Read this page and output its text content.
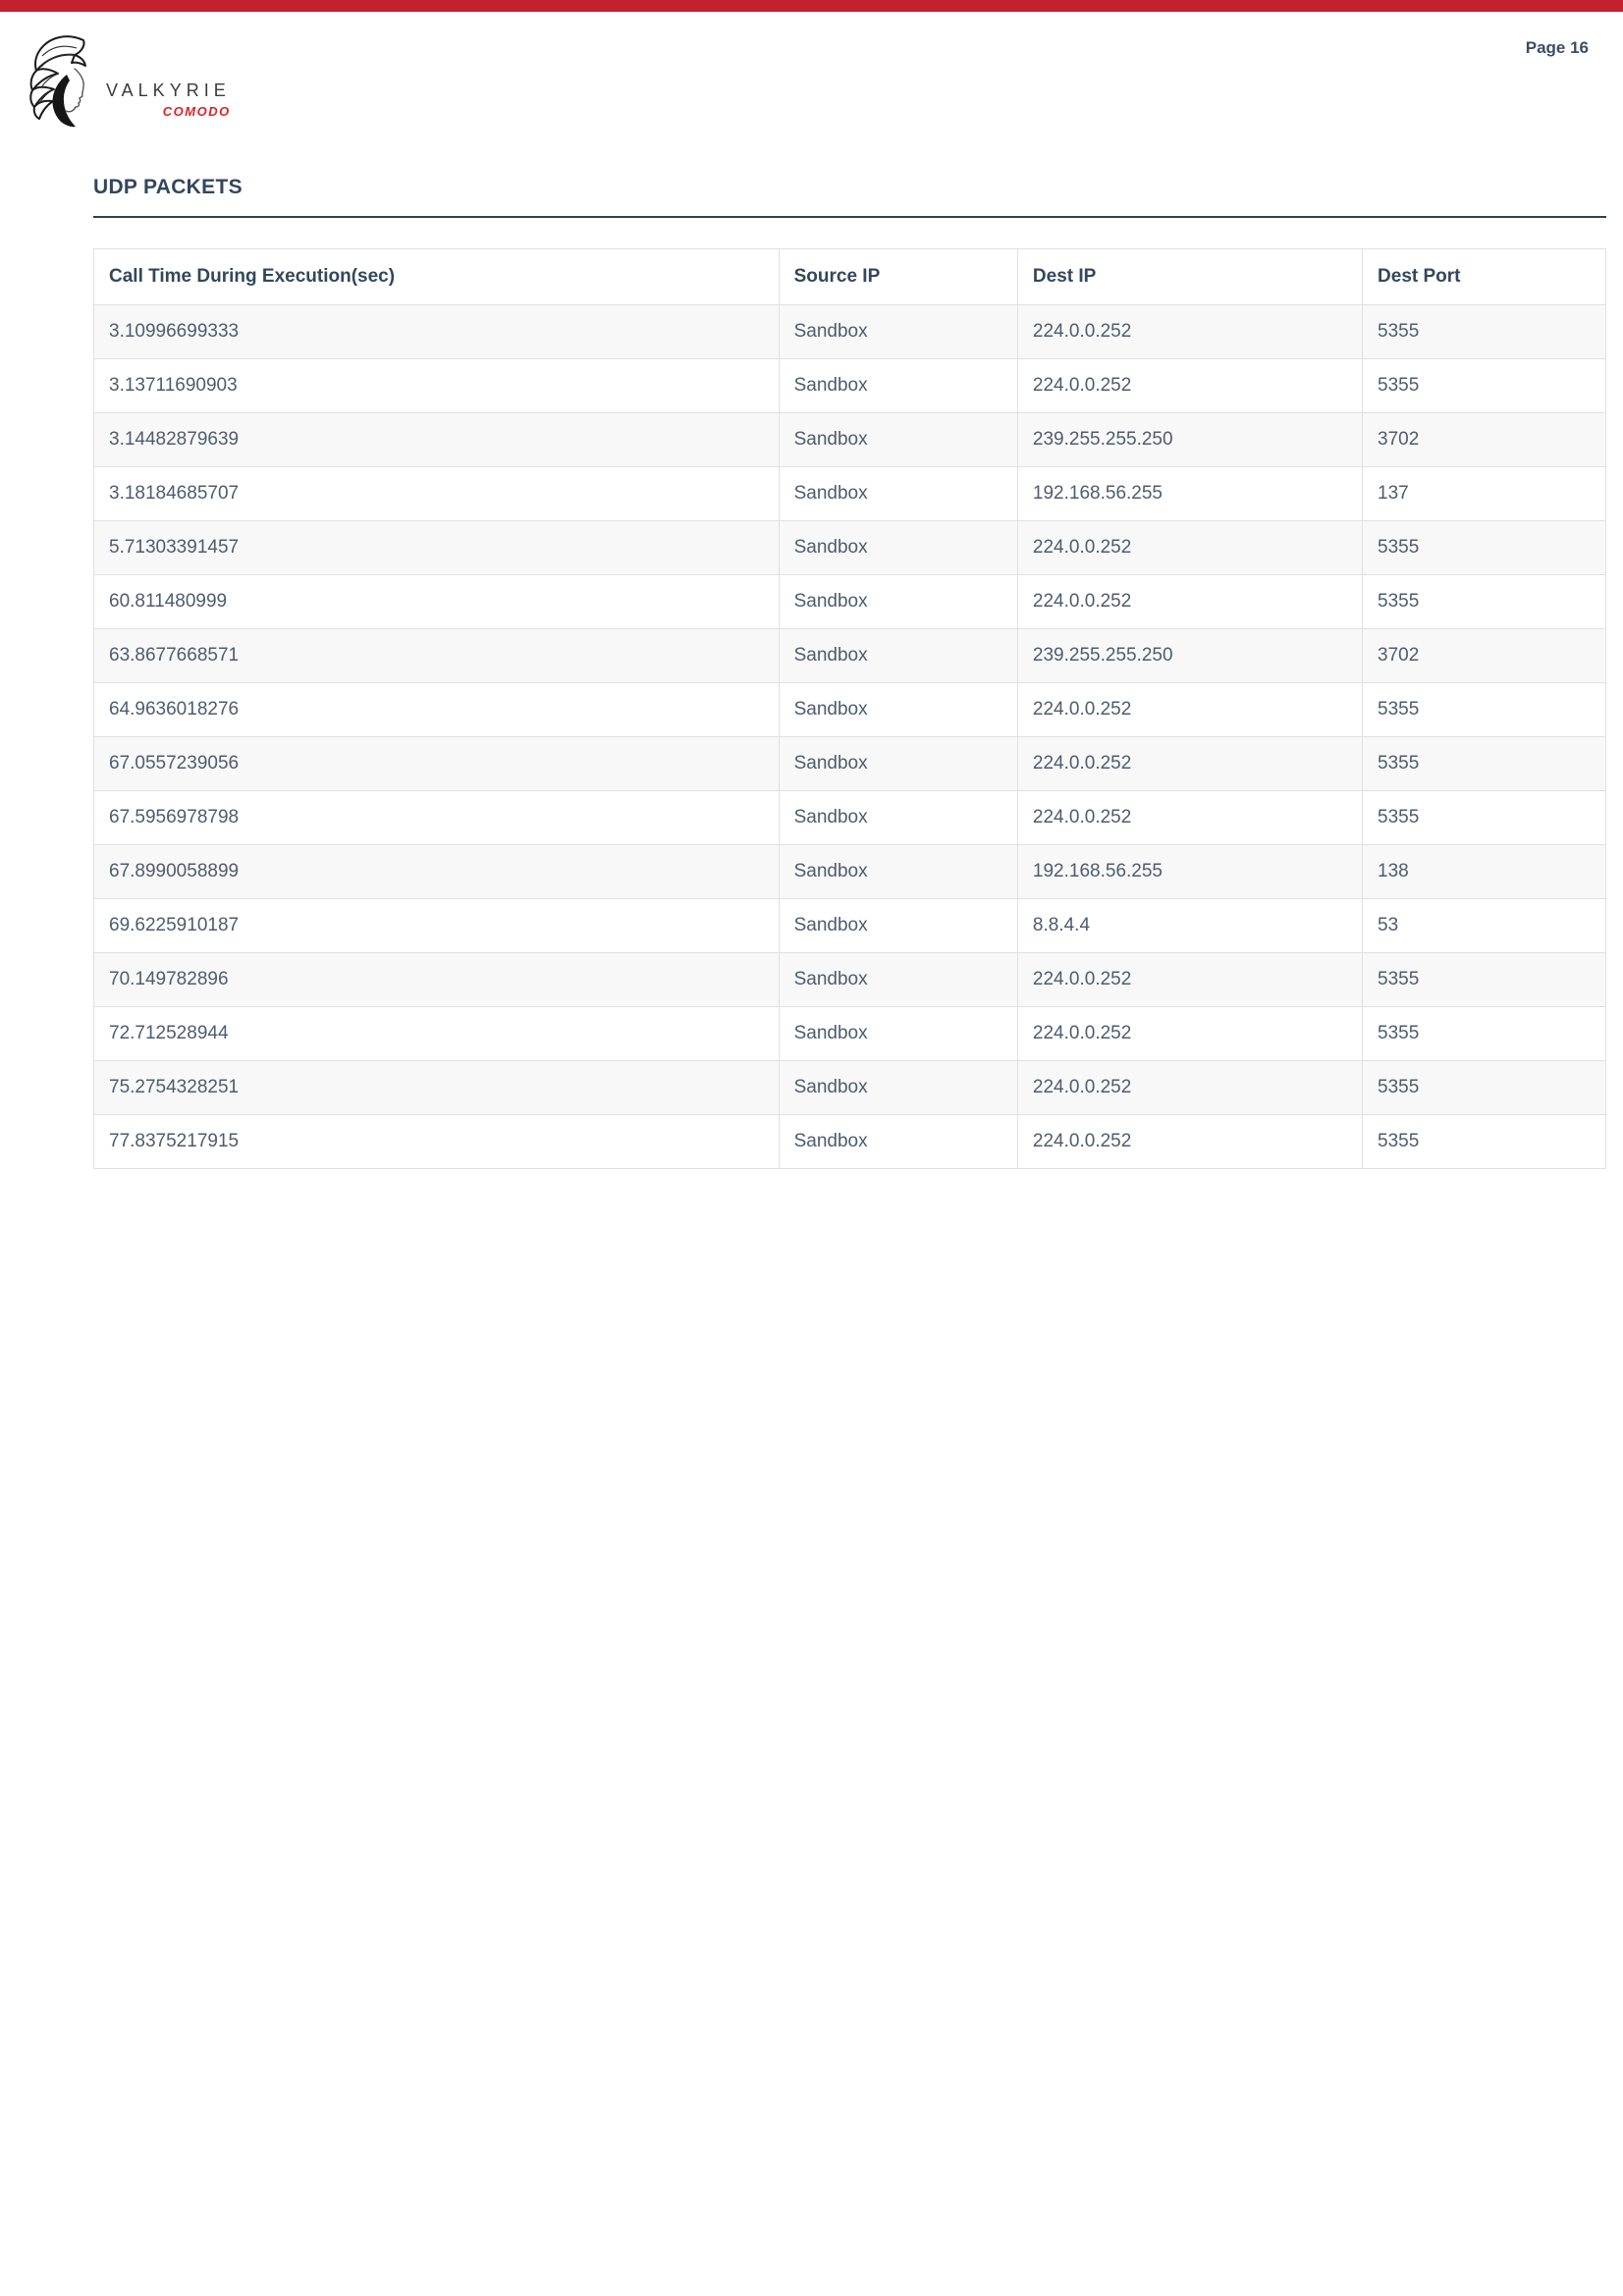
VALKYRIE
COMODO
Page 16
UDP PACKETS
Call Time During Execution(sec)	Source IP	Dest IP	Dest Port
3.10996699333	Sandbox	224.0.0.252	5355
3.13711690903	Sandbox	224.0.0.252	5355
3.14482879639	Sandbox	239.255.255.250	3702
3.18184685707	Sandbox	192.168.56.255	137
5.71303391457	Sandbox	224.0.0.252	5355
60.811480999	Sandbox	224.0.0.252	5355
63.8677668571	Sandbox	239.255.255.250	3702
64.9636018276	Sandbox	224.0.0.252	5355
67.0557239056	Sandbox	224.0.0.252	5355
67.5956978798	Sandbox	224.0.0.252	5355
67.8990058899	Sandbox	192.168.56.255	138
69.6225910187	Sandbox	8.8.4.4	53
70.149782896	Sandbox	224.0.0.252	5355
72.712528944	Sandbox	224.0.0.252	5355
75.2754328251	Sandbox	224.0.0.252	5355
77.8375217915	Sandbox	224.0.0.252	5355
